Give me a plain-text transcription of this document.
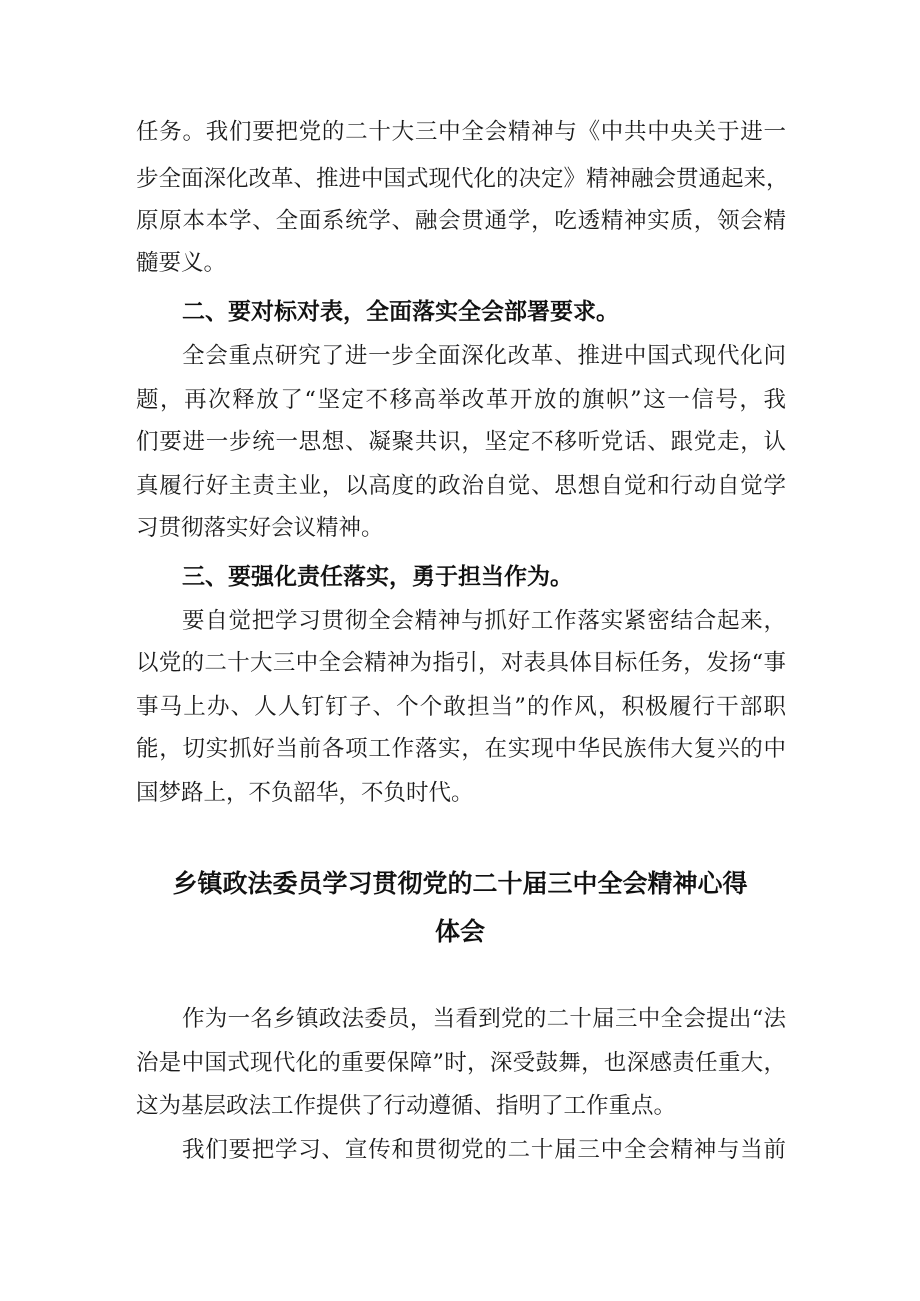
任务。我们要把党的二十大三中全会精神与《中共中央关于进一

步全面深化改革、推进中国式现代化的决定》精神融会贯通起来，

原原本本学、全面系统学、融会贯通学，吃透精神实质，领会精

髓要义。

二、要对标对表，全面落实全会部署要求。

全会重点研究了进一步全面深化改革、推进中国式现代化问

题，再次释放了“坚定不移高举改革开放的旗帜”这一信号，我

们要进一步统一思想、凝聚共识，坚定不移听党话、跟党走，认

真履行好主责主业，以高度的政治自觉、思想自觉和行动自觉学

习贯彻落实好会议精神。

三、要强化责任落实，勇于担当作为。

要自觉把学习贯彻全会精神与抓好工作落实紧密结合起来，

以党的二十大三中全会精神为指引，对表具体目标任务，发扬“事

事马上办、人人钉钉子、个个敢担当”的作风，积极履行干部职

能，切实抓好当前各项工作落实，在实现中华民族伟大复兴的中

国梦路上，不负韶华，不负时代。

乡镇政法委员学习贯彻党的二十届三中全会精神心得
体会

作为一名乡镇政法委员，当看到党的二十届三中全会提出“法

治是中国式现代化的重要保障”时，深受鼓舞，也深感责任重大，

这为基层政法工作提供了行动遵循、指明了工作重点。

我们要把学习、宣传和贯彻党的二十届三中全会精神与当前
